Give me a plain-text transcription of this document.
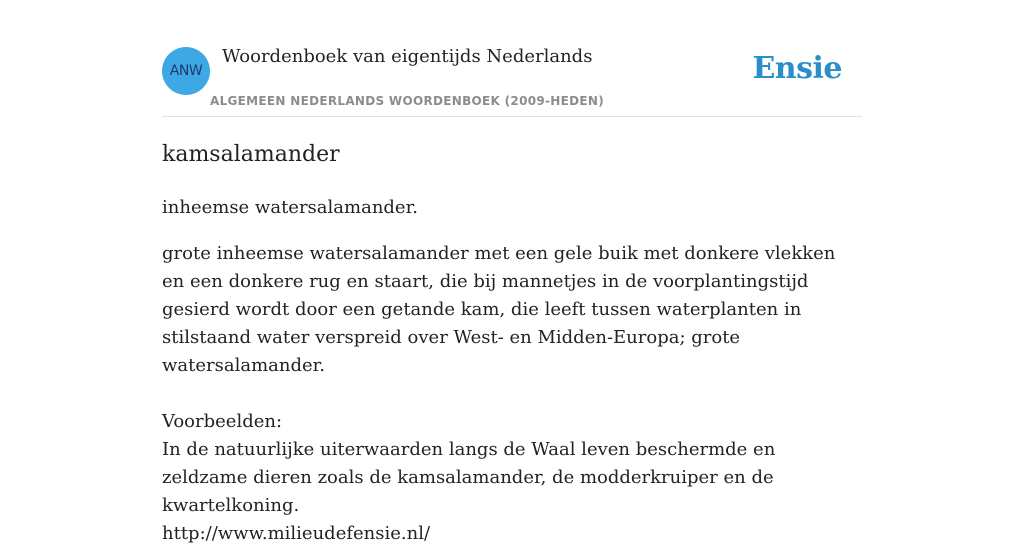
ANW
Woordenboek van eigentijds Nederlands
ALGEMEEN NEDERLANDS WOORDENBOEK (2009-HEDEN)
Ensie
kamsalamander

inheemse watersalamander.

grote inheemse watersalamander met een gele buik met donkere vlekken en een donkere rug en staart, die bij mannetjes in de voorplantingstijd gesierd wordt door een getande kam, die leeft tussen waterplanten in stilstaand water verspreid over West- en Midden-Europa; grote watersalamander.

Voorbeelden:
In de natuurlijke uiterwaarden langs de Waal leven beschermde en zeldzame dieren zoals de kamsalamander, de modderkruiper en de kwartelkoning.
http://www.milieudefensie.nl/
